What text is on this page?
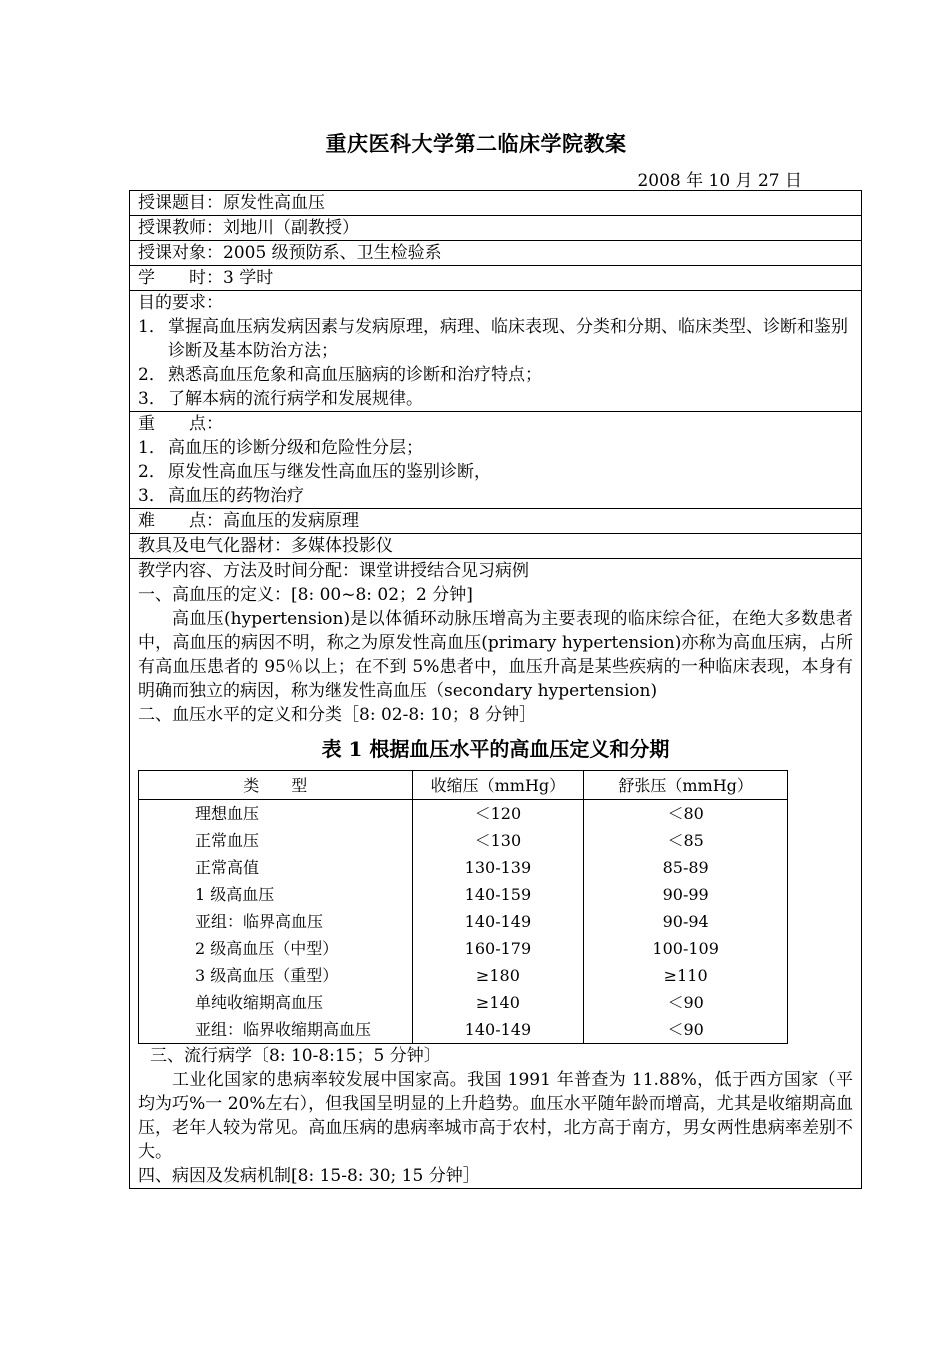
重庆医科大学第二临床学院教案
2008 年 10 月 27 日
授课题目：原发性高血压
授课教师：刘地川（副教授）
授课对象：2005 级预防系、卫生检验系
学　　时：3 学时
目的要求：
1． 掌握高血压病发病因素与发病原理，病理、临床表现、分类和分期、临床类型、诊断和鉴别诊断及基本防治方法；
2． 熟悉高血压危象和高血压脑病的诊断和治疗特点；
3． 了解本病的流行病学和发展规律。
重　　点：
1． 高血压的诊断分级和危险性分层；
2． 原发性高血压与继发性高血压的鉴别诊断，
3． 高血压的药物治疗
难　　点：高血压的发病原理
教具及电气化器材：多媒体投影仪
教学内容、方法及时间分配：课堂讲授结合见习病例
一、高血压的定义：[8: 00~8: 02；2 分钟]
高血压(hypertension)是以体循环动脉压增高为主要表现的临床综合征，在绝大多数患者中，高血压的病因不明，称之为原发性高血压(primary hypertension)亦称为高血压病，占所有高血压患者的 95％以上；在不到 5%患者中，血压升高是某些疾病的一种临床表现，本身有明确而独立的病因，称为继发性高血压（secondary hypertension)
二、血压水平的定义和分类［8: 02-8: 10；8 分钟］
表 1 根据血压水平的高血压定义和分期
类　　型	收缩压（mmHg）	舒张压（mmHg）
理想血压	＜120	＜80
正常血压	＜130	＜85
正常高值	130-139	85-89
1 级高血压	140-159	90-99
亚组：临界高血压	140-149	90-94
2 级高血压（中型）	160-179	100-109
3 级高血压（重型）	≥180	≥110
单纯收缩期高血压	≥140	＜90
亚组：临界收缩期高血压	140-149	＜90
三、流行病学〔8: 10-8:15；5 分钟〕
工业化国家的患病率较发展中国家高。我国 1991 年普查为 11.88%，低于西方国家（平均为巧%一 20%左右），但我国呈明显的上升趋势。血压水平随年龄而增高，尤其是收缩期高血压，老年人较为常见。高血压病的患病率城市高于农村，北方高于南方，男女两性患病率差别不大。
四、病因及发病机制[8: 15-8: 30; 15 分钟］
